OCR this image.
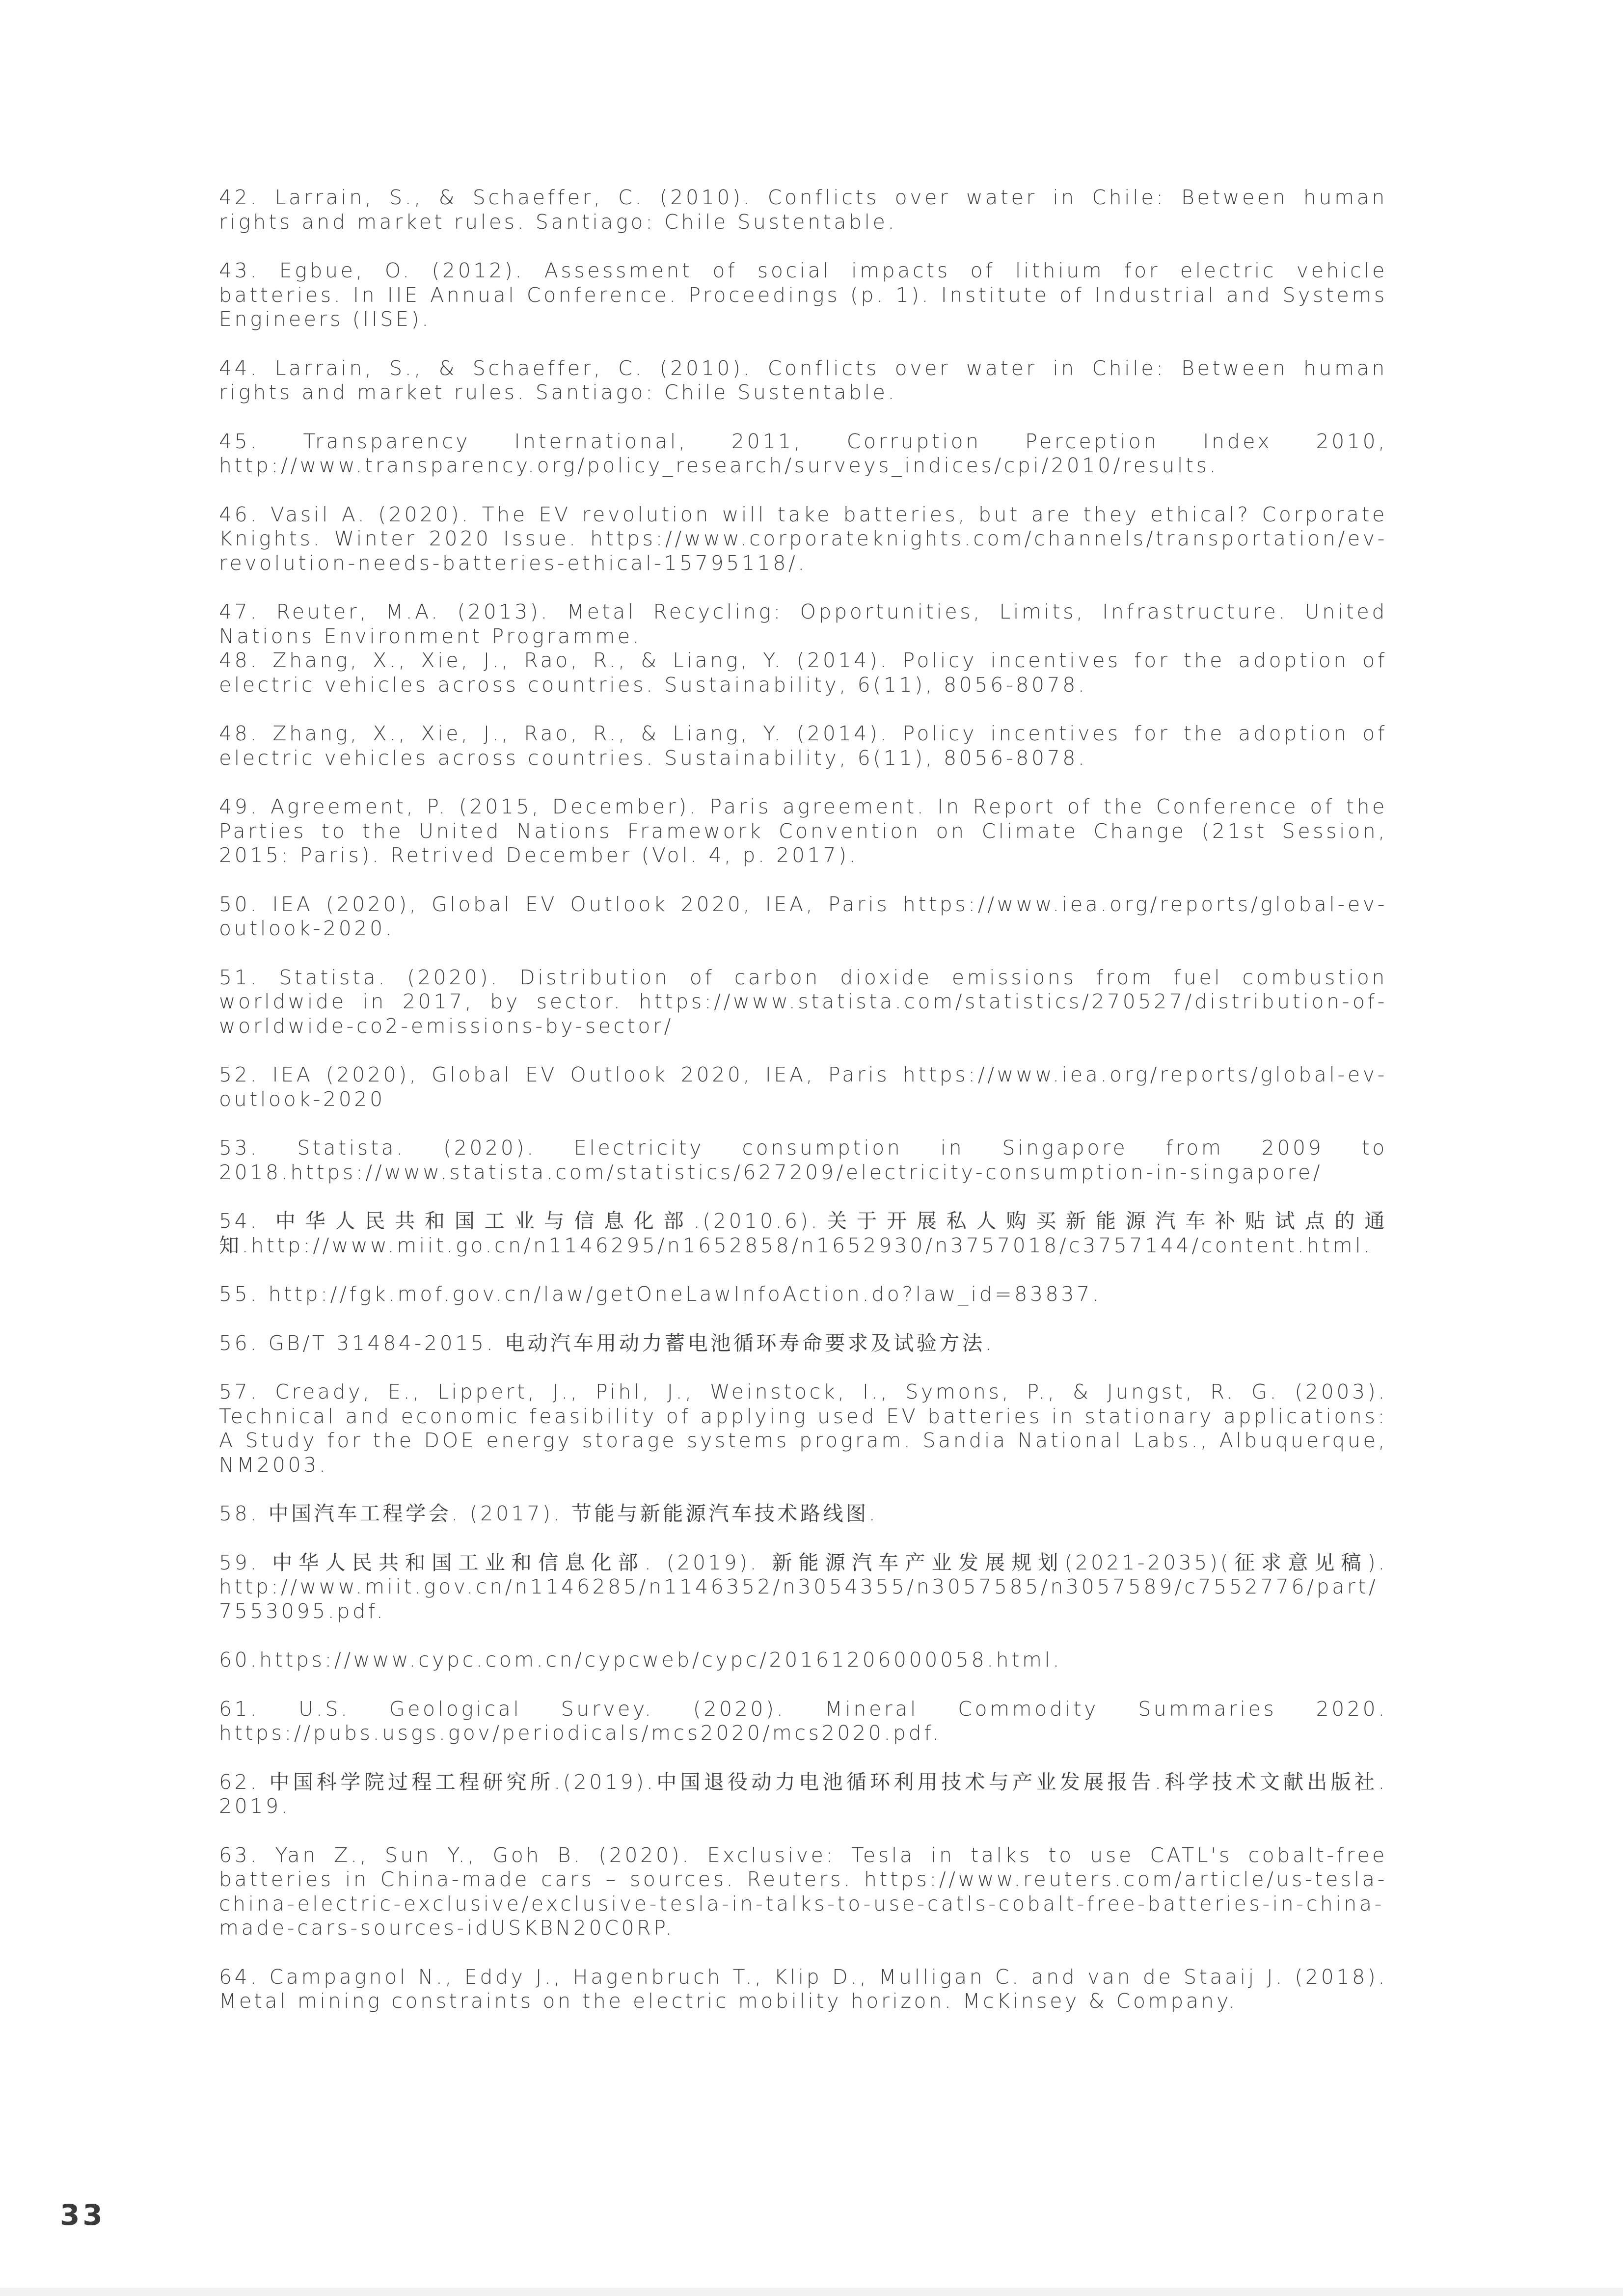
42. Larrain, S., & Schaeffer, C. (2010). Conflicts over water in Chile: Between human rights and market rules. Santiago: Chile Sustentable.
43. Egbue, O. (2012). Assessment of social impacts of lithium for electric vehicle batteries. In IIE Annual Conference. Proceedings (p. 1). Institute of Industrial and Systems Engineers (IISE).
44. Larrain, S., & Schaeffer, C. (2010). Conflicts over water in Chile: Between human rights and market rules. Santiago: Chile Sustentable.
45. Transparency International, 2011, Corruption Perception Index 2010, http://www.transparency.org/policy_research/surveys_indices/cpi/2010/results.
46. Vasil A. (2020). The EV revolution will take batteries, but are they ethical? Corporate Knights. Winter 2020 Issue. https://www.corporateknights.com/channels/transportation/ev-revolution-needs-batteries-ethical-15795118/.
47. Reuter, M.A. (2013). Metal Recycling: Opportunities, Limits, Infrastructure. United Nations Environment Programme.
48. Zhang, X., Xie, J., Rao, R., & Liang, Y. (2014). Policy incentives for the adoption of electric vehicles across countries. Sustainability, 6(11), 8056-8078.
48. Zhang, X., Xie, J., Rao, R., & Liang, Y. (2014). Policy incentives for the adoption of electric vehicles across countries. Sustainability, 6(11), 8056-8078.
49. Agreement, P. (2015, December). Paris agreement. In Report of the Conference of the Parties to the United Nations Framework Convention on Climate Change (21st Session, 2015: Paris). Retrived December (Vol. 4, p. 2017).
50. IEA (2020), Global EV Outlook 2020, IEA, Paris https://www.iea.org/reports/global-ev-outlook-2020.
51. Statista. (2020). Distribution of carbon dioxide emissions from fuel combustion worldwide in 2017, by sector. https://www.statista.com/statistics/270527/distribution-of-worldwide-co2-emissions-by-sector/
52. IEA (2020), Global EV Outlook 2020, IEA, Paris https://www.iea.org/reports/global-ev-outlook-2020
53. Statista. (2020). Electricity consumption in Singapore from 2009 to 2018.https://www.statista.com/statistics/627209/electricity-consumption-in-singapore/
54. 中华人民共和国工业与信息化部.(2010.6).关于开展私人购买新能源汽车补贴试点的通知.http://www.miit.go.cn/n1146295/n1652858/n1652930/n3757018/c3757144/content.html.
55. http://fgk.mof.gov.cn/law/getOneLawInfoAction.do?law_id=83837.
56. GB/T 31484-2015. 电动汽车用动力蓄电池循环寿命要求及试验方法.
57. Cready, E., Lippert, J., Pihl, J., Weinstock, I., Symons, P., & Jungst, R. G. (2003). Technical and economic feasibility of applying used EV batteries in stationary applications: A Study for the DOE energy storage systems program. Sandia National Labs., Albuquerque, NM2003.
58. 中国汽车工程学会. (2017). 节能与新能源汽车技术路线图.
59. 中华人民共和国工业和信息化部. (2019). 新能源汽车产业发展规划(2021-2035)(征求意见稿). http://www.miit.gov.cn/n1146285/n1146352/n3054355/n3057585/n3057589/c7552776/part/7553095.pdf.
60.https://www.cypc.com.cn/cypcweb/cypc/20161206000058.html.
61. U.S. Geological Survey. (2020). Mineral Commodity Summaries 2020. https://pubs.usgs.gov/periodicals/mcs2020/mcs2020.pdf.
62. 中国科学院过程工程研究所.(2019).中国退役动力电池循环利用技术与产业发展报告.科学技术文献出版社. 2019.
63. Yan Z., Sun Y., Goh B. (2020). Exclusive: Tesla in talks to use CATL's cobalt-free batteries in China-made cars – sources. Reuters. https://www.reuters.com/article/us-tesla-china-electric-exclusive/exclusive-tesla-in-talks-to-use-catls-cobalt-free-batteries-in-china-made-cars-sources-idUSKBN20C0RP.
64. Campagnol N., Eddy J., Hagenbruch T., Klip D., Mulligan C. and van de Staaij J. (2018). Metal mining constraints on the electric mobility horizon. McKinsey & Company.
33
